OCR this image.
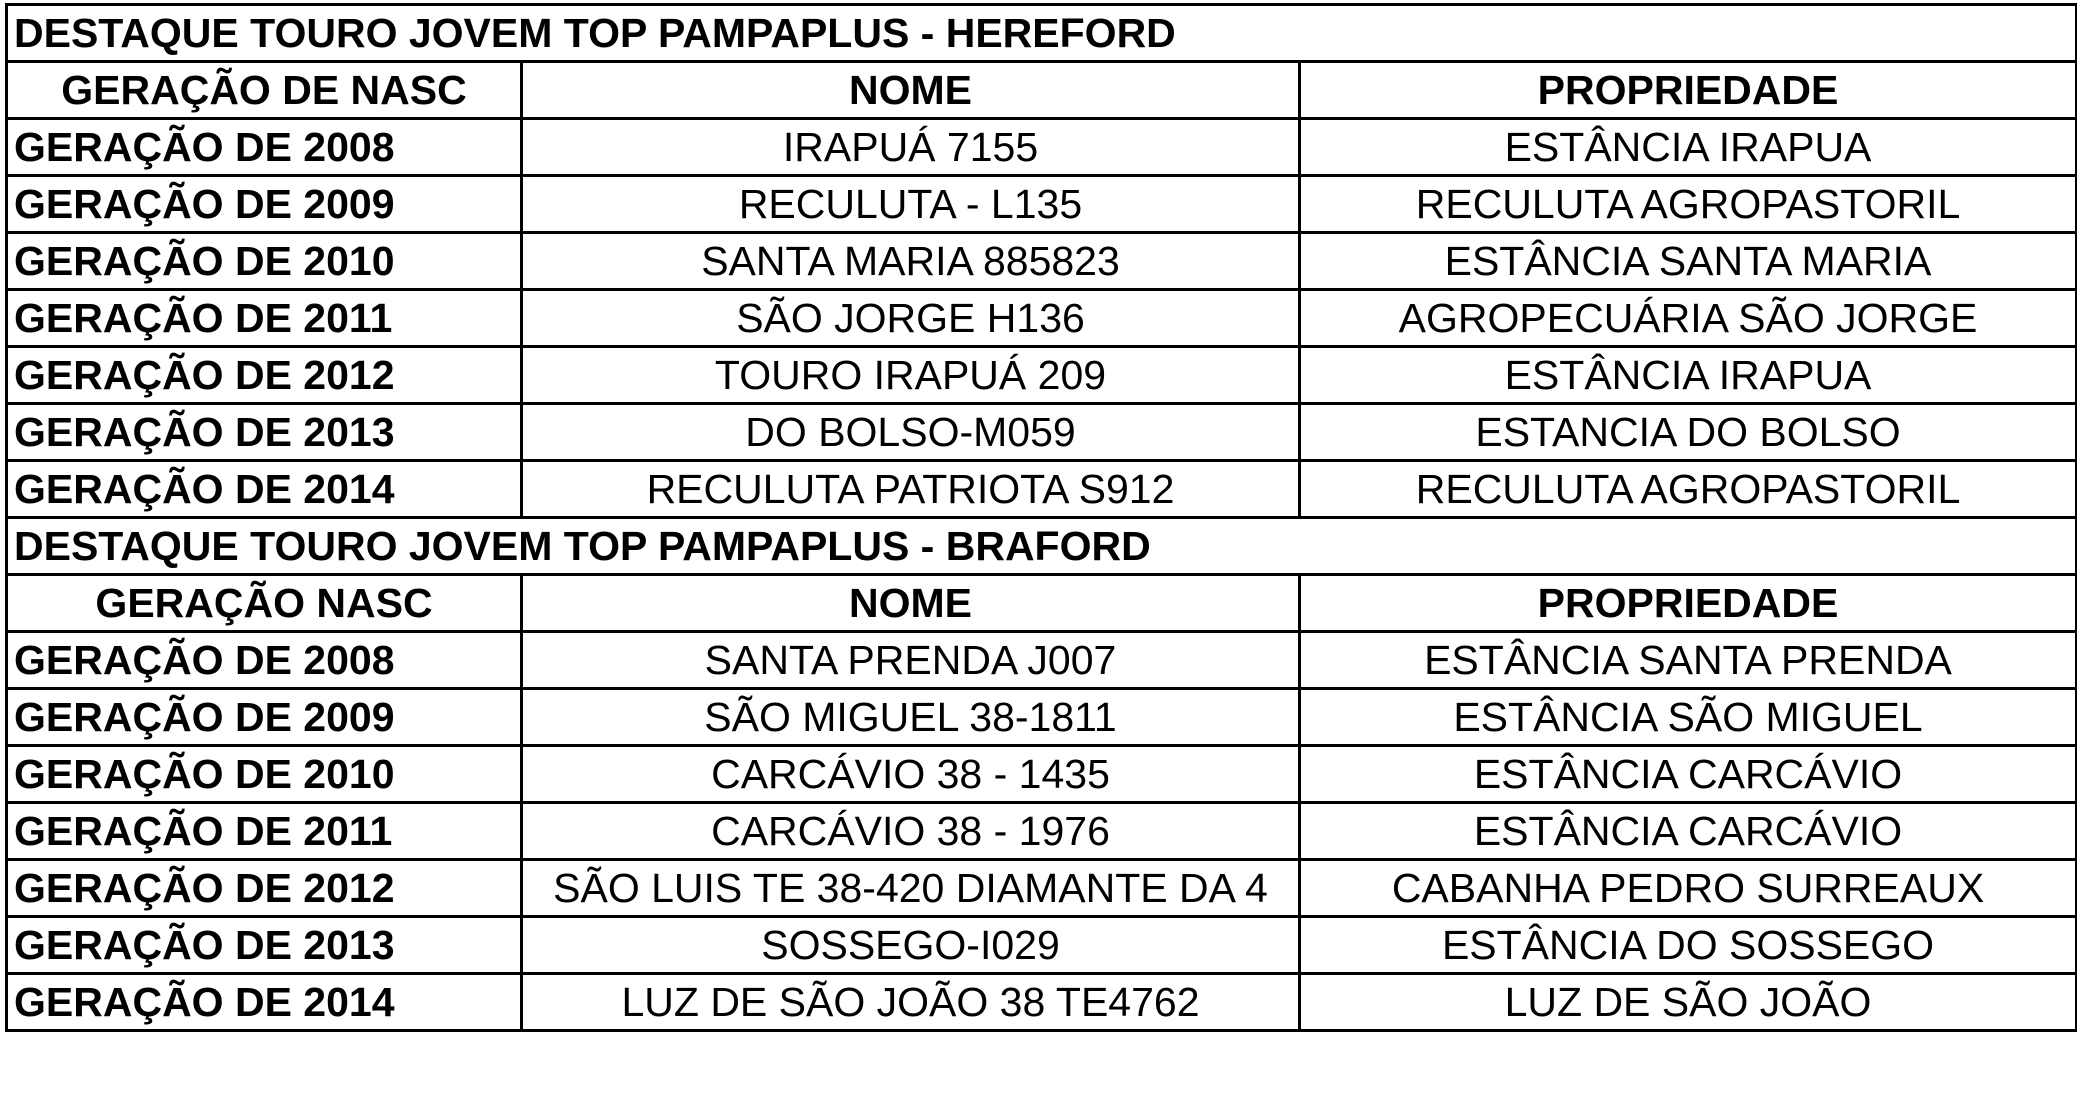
DESTAQUE TOURO JOVEM TOP PAMPAPLUS - HEREFORD		
GERAÇÃO DE NASC	NOME	PROPRIEDADE
GERAÇÃO DE 2008	IRAPUÁ 7155	ESTÂNCIA IRAPUA
GERAÇÃO DE 2009	RECULUTA - L135	RECULUTA AGROPASTORIL
GERAÇÃO DE 2010	SANTA MARIA 885823	ESTÂNCIA SANTA MARIA
GERAÇÃO DE 2011	SÃO JORGE H136	AGROPECUÁRIA SÃO JORGE
GERAÇÃO DE 2012	TOURO IRAPUÁ 209	ESTÂNCIA IRAPUA
GERAÇÃO DE 2013	DO BOLSO-M059	ESTANCIA DO BOLSO
GERAÇÃO DE 2014	RECULUTA PATRIOTA S912	RECULUTA AGROPASTORIL
DESTAQUE TOURO JOVEM TOP PAMPAPLUS - BRAFORD		
GERAÇÃO NASC	NOME	PROPRIEDADE
GERAÇÃO DE 2008	SANTA PRENDA J007	ESTÂNCIA SANTA PRENDA
GERAÇÃO DE 2009	SÃO MIGUEL 38-1811	ESTÂNCIA SÃO MIGUEL
GERAÇÃO DE 2010	CARCÁVIO 38 - 1435	ESTÂNCIA CARCÁVIO
GERAÇÃO DE 2011	CARCÁVIO 38 - 1976	ESTÂNCIA CARCÁVIO
GERAÇÃO DE 2012	SÃO LUIS TE 38-420 DIAMANTE DA 4	CABANHA PEDRO SURREAUX
GERAÇÃO DE 2013	SOSSEGO-I029	ESTÂNCIA DO SOSSEGO
GERAÇÃO DE 2014	LUZ DE SÃO JOÃO 38 TE4762	LUZ DE SÃO JOÃO
